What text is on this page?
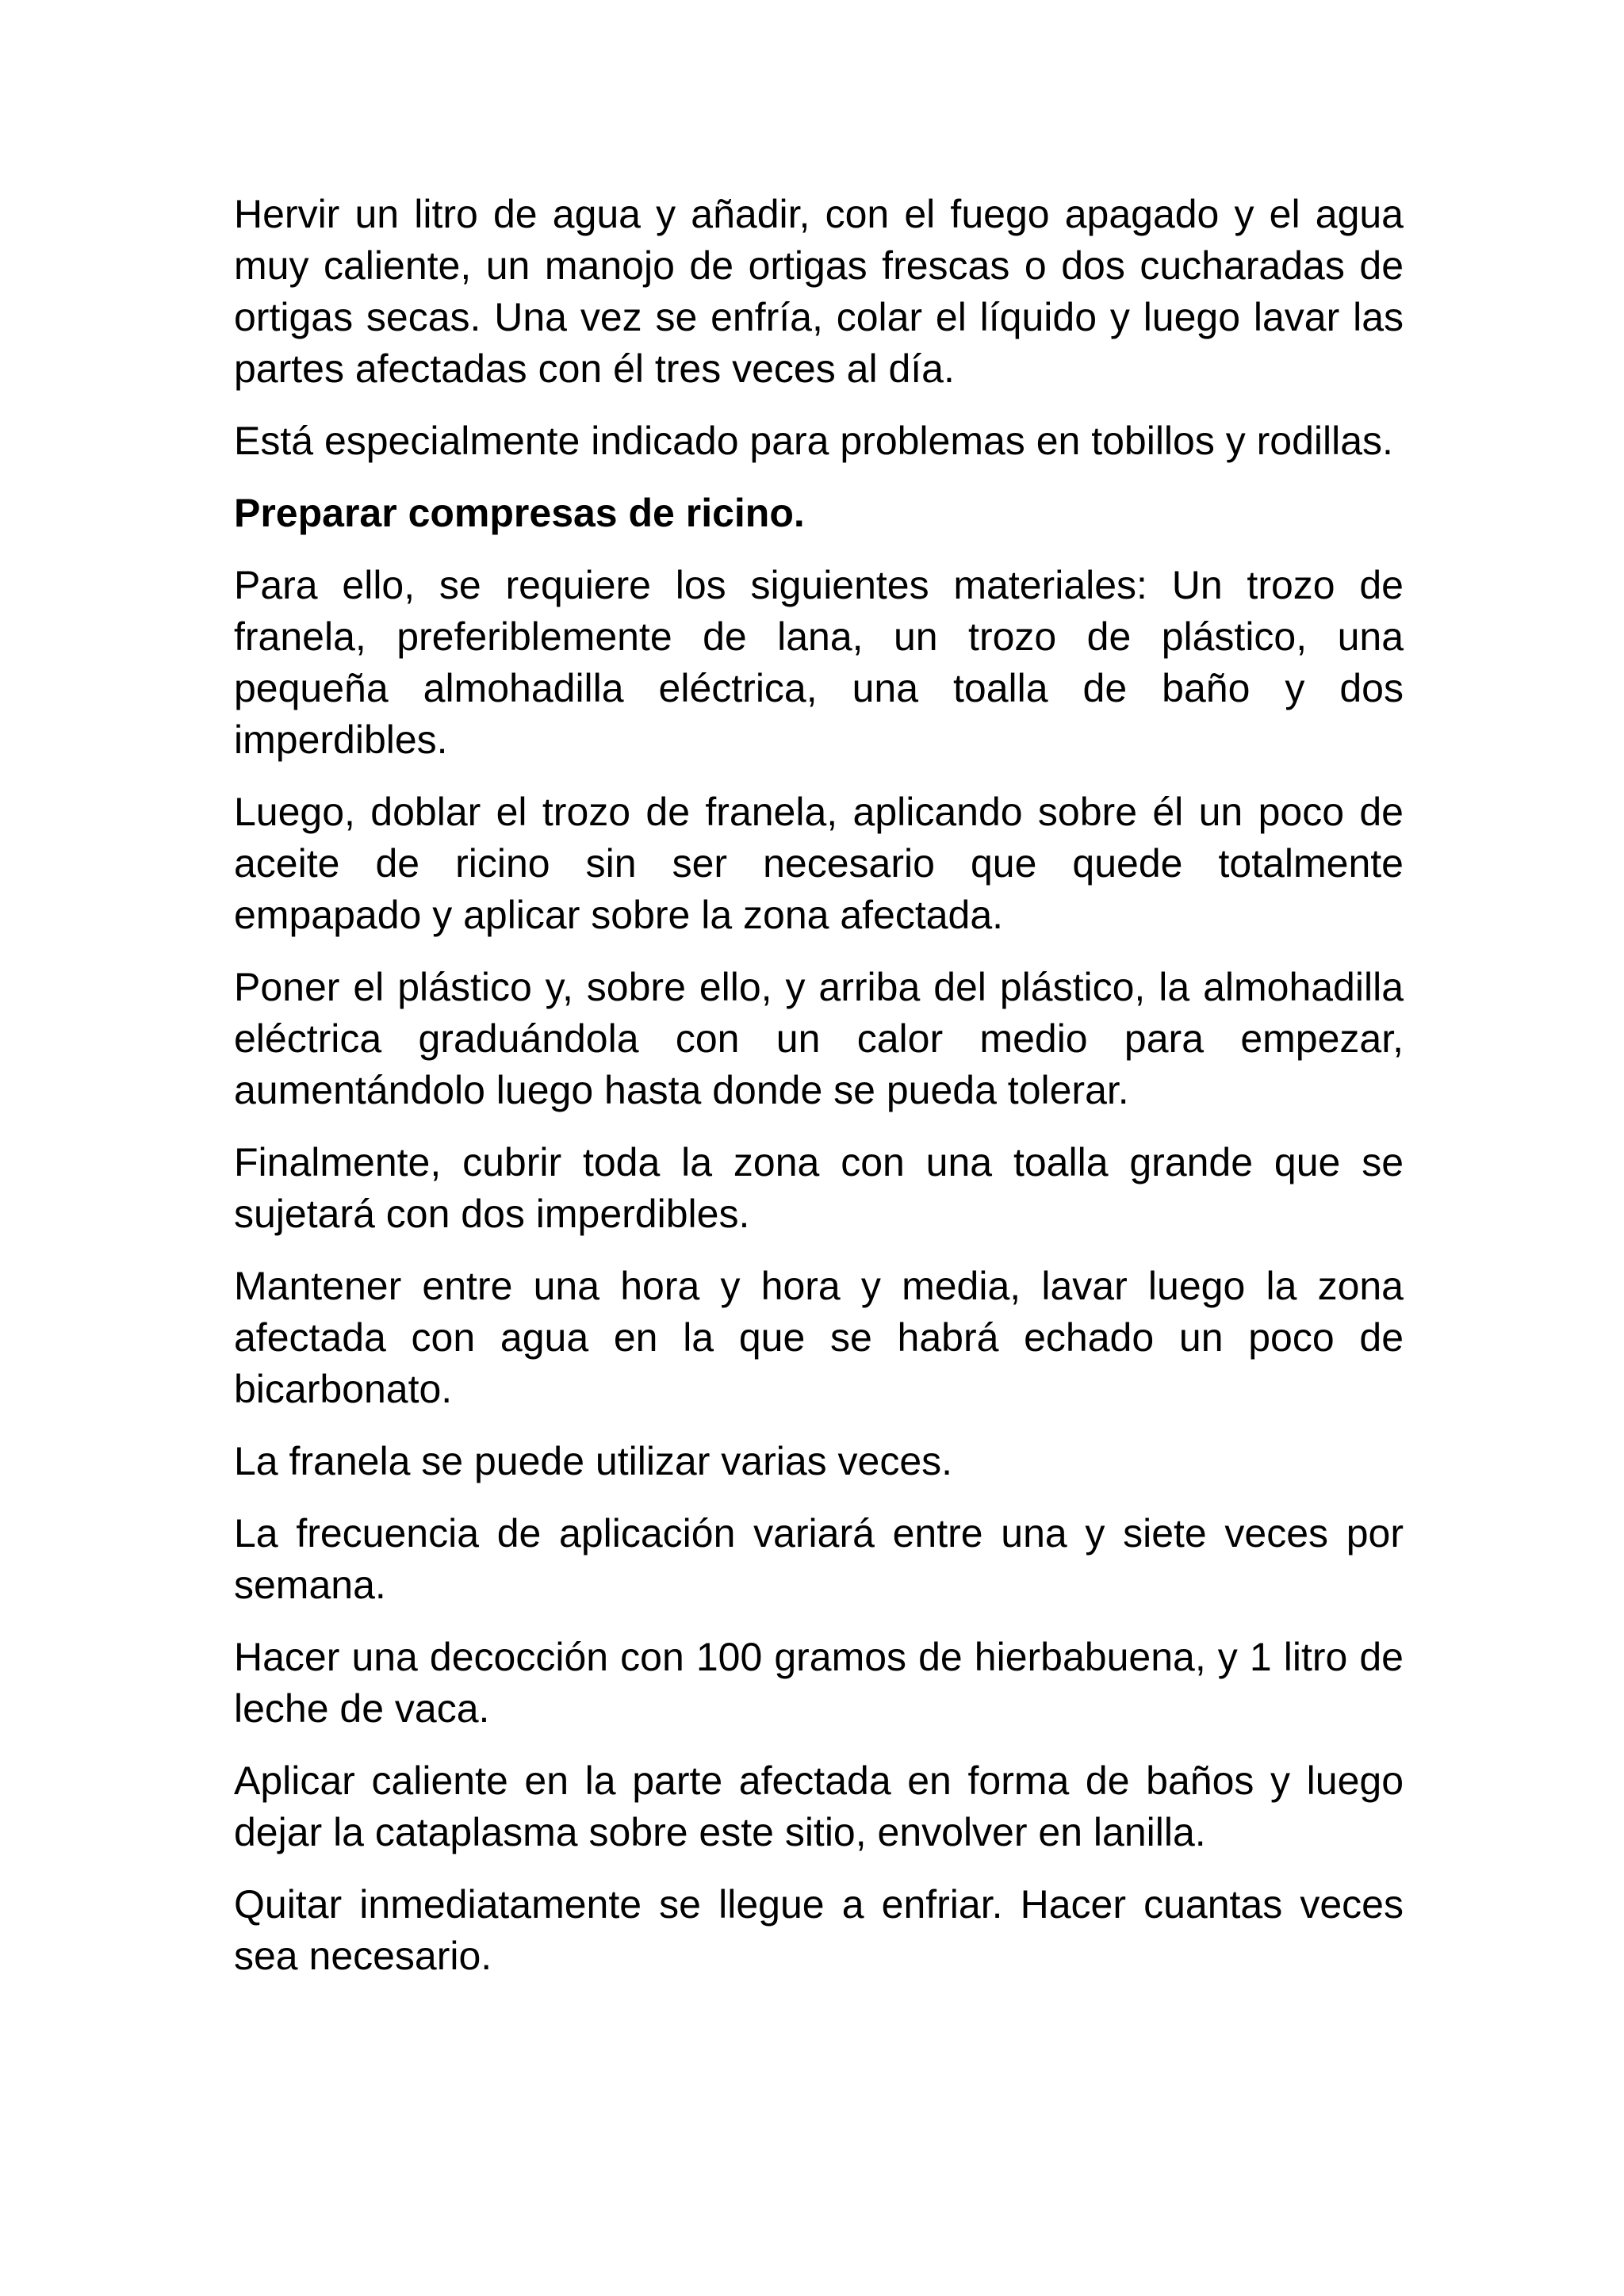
Hervir un litro de agua y añadir, con el fuego apagado y el agua muy caliente, un manojo de ortigas frescas o dos cucharadas de ortigas secas. Una vez se enfría, colar el líquido y luego lavar las partes afectadas con él tres veces al día.

Está especialmente indicado para problemas en tobillos y rodillas.

Preparar compresas de ricino.

Para ello, se requiere los siguientes materiales: Un trozo de franela, preferiblemente de lana, un trozo de plástico, una pequeña almohadilla eléctrica, una toalla de baño y dos imperdibles.

Luego, doblar el trozo de franela, aplicando sobre él un poco de aceite de ricino sin ser necesario que quede totalmente empapado y aplicar sobre la zona afectada.

Poner el plástico y, sobre ello, y arriba del plástico, la almohadilla eléctrica graduándola con un calor medio para empezar, aumentándolo luego hasta donde se pueda tolerar.

Finalmente, cubrir toda la zona con una toalla grande que se sujetará con dos imperdibles.

Mantener entre una hora y hora y media, lavar luego la zona afectada con agua en la que se habrá echado un poco de bicarbonato.

La franela se puede utilizar varias veces.

La frecuencia de aplicación variará entre una y siete veces por semana.

Hacer una decocción con 100 gramos de hierbabuena, y 1 litro de leche de vaca.

Aplicar caliente en la parte afectada en forma de baños y luego dejar la cataplasma sobre este sitio, envolver en lanilla.

Quitar inmediatamente se llegue a enfriar. Hacer cuantas veces sea necesario.
